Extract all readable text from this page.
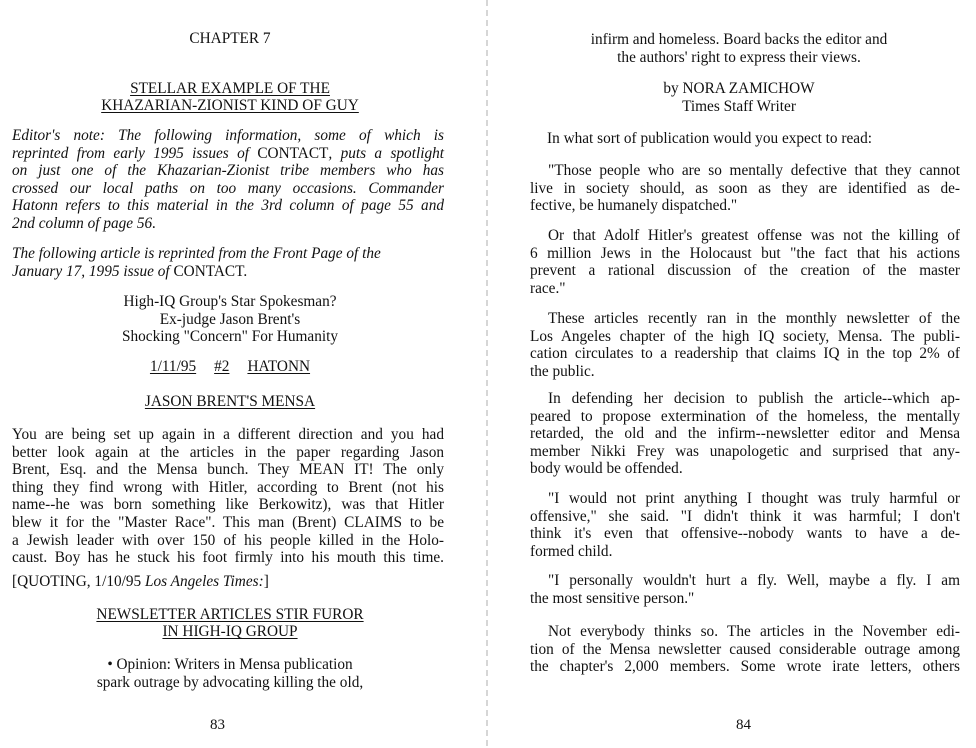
CHAPTER 7
STELLAR EXAMPLE OF THE
KHAZARIAN-ZIONIST KIND OF GUY
Editor's note: The following information, some of which is
reprinted from early 1995 issues of CONTACT, puts a spotlight
on just one of the Khazarian-Zionist tribe members who has
crossed our local paths on too many occasions. Commander
Hatonn refers to this material in the 3rd column of page 55 and
2nd column of page 56.
The following article is reprinted from the Front Page of the
January 17, 1995 issue of CONTACT.
High-IQ Group's Star Spokesman?
Ex-judge Jason Brent's
Shocking "Concern" For Humanity
1/11/95 #2 HATONN
JASON BRENT'S MENSA
You are being set up again in a different direction and you had
better look again at the articles in the paper regarding Jason
Brent, Esq. and the Mensa bunch. They MEAN IT! The only
thing they find wrong with Hitler, according to Brent (not his
name--he was born something like Berkowitz), was that Hitler
blew it for the "Master Race". This man (Brent) CLAIMS to be
a Jewish leader with over 150 of his people killed in the Holo-
caust. Boy has he stuck his foot firmly into his mouth this time.
[QUOTING, 1/10/95 Los Angeles Times:]
NEWSLETTER ARTICLES STIR FUROR
IN HIGH-IQ GROUP
• Opinion: Writers in Mensa publication
spark outrage by advocating killing the old,
83
infirm and homeless. Board backs the editor and
the authors' right to express their views.
by NORA ZAMICHOW
Times Staff Writer
In what sort of publication would you expect to read:
"Those people who are so mentally defective that they cannot
live in society should, as soon as they are identified as de-
fective, be humanely dispatched."
Or that Adolf Hitler's greatest offense was not the killing of
6 million Jews in the Holocaust but "the fact that his actions
prevent a rational discussion of the creation of the master
race."
These articles recently ran in the monthly newsletter of the
Los Angeles chapter of the high IQ society, Mensa. The publi-
cation circulates to a readership that claims IQ in the top 2% of
the public.
In defending her decision to publish the article--which ap-
peared to propose extermination of the homeless, the mentally
retarded, the old and the infirm--newsletter editor and Mensa
member Nikki Frey was unapologetic and surprised that any-
body would be offended.
"I would not print anything I thought was truly harmful or
offensive," she said. "I didn't think it was harmful; I don't
think it's even that offensive--nobody wants to have a de-
formed child.
"I personally wouldn't hurt a fly. Well, maybe a fly. I am
the most sensitive person."
Not everybody thinks so. The articles in the November edi-
tion of the Mensa newsletter caused considerable outrage among
the chapter's 2,000 members. Some wrote irate letters, others
84
